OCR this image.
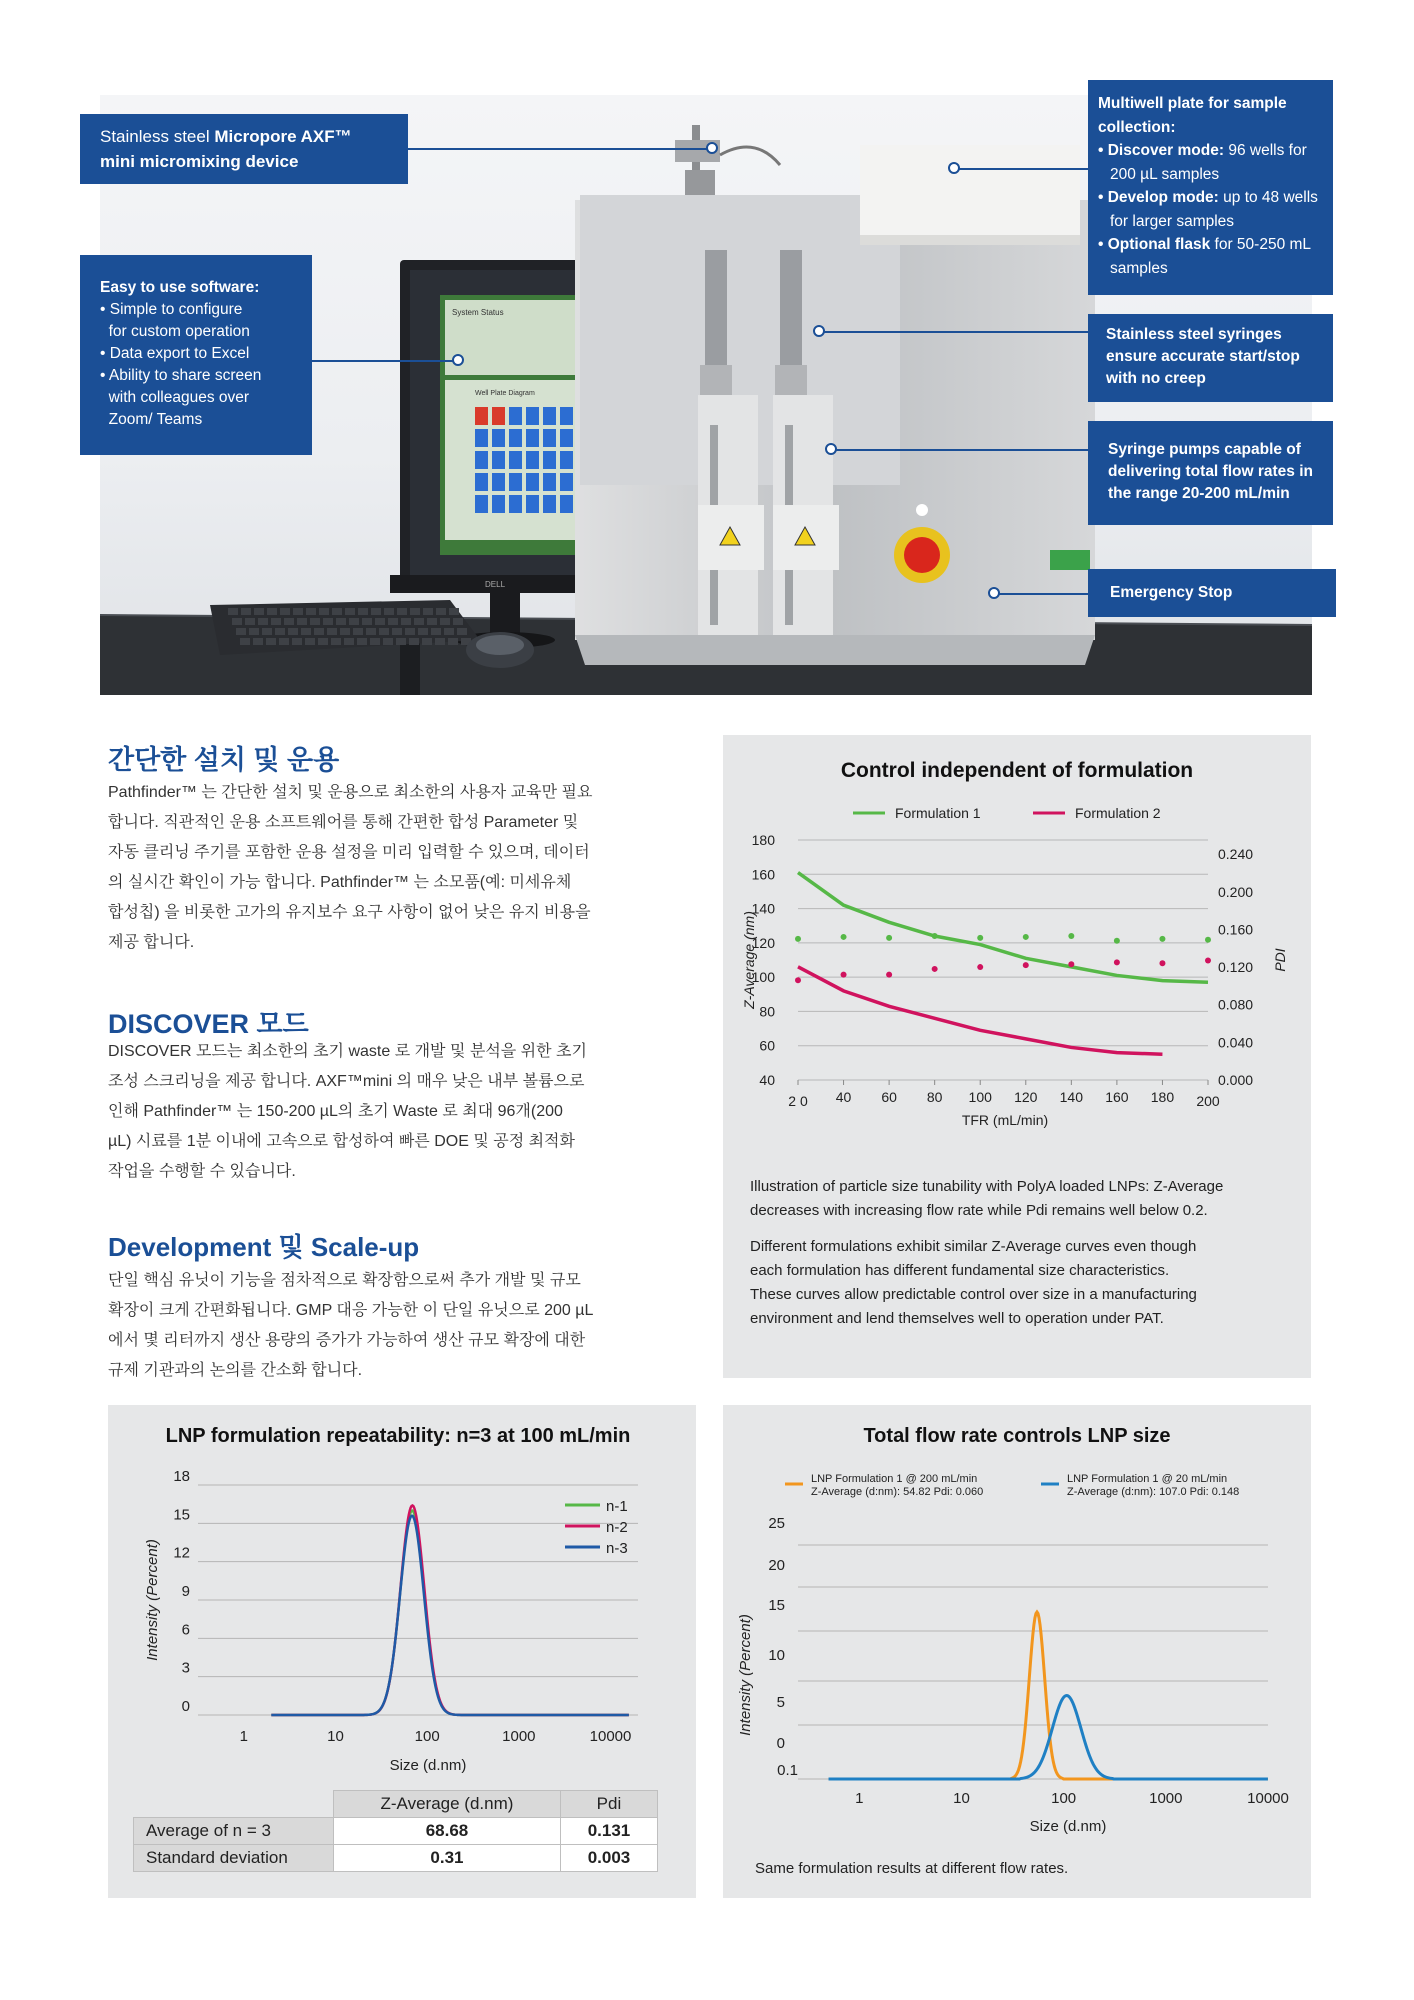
System Status
Well Plate Diagram
DELL
Stainless steel Micropore AXF™
mini micromixing device
Easy to use software:
• Simple to configure
for custom operation
• Data export to Excel
• Ability to share screen
with colleagues over
Zoom/ Teams
Multiwell plate for sample
collection:
• Discover mode: 96 wells for
200 µL samples
• Develop mode: up to 48 wells
for larger samples
• Optional flask for 50-250 mL
samples
Stainless steel syringes
ensure accurate start/stop
with no creep
Syringe pumps capable of
delivering total flow rates in
the range 20-200 mL/min
Emergency Stop
간단한 설치 및 운용
Pathfinder™ 는 간단한 설치 및 운용으로 최소한의 사용자 교육만 필요
합니다. 직관적인 운용 소프트웨어를 통해 간편한 합성 Parameter 및
자동 클리닝 주기를 포함한 운용 설정을 미리 입력할 수 있으며, 데이터
의 실시간 확인이 가능 합니다. Pathfinder™ 는 소모품(예: 미세유체
합성칩) 을 비롯한 고가의 유지보수 요구 사항이 없어 낮은 유지 비용을
제공 합니다.
DISCOVER 모드
DISCOVER 모드는 최소한의 초기 waste 로 개발 및 분석을 위한 초기
조성 스크리닝을 제공 합니다. AXF™mini 의 매우 낮은 내부 볼륨으로
인해 Pathfinder™ 는 150-200 µL의 초기 Waste 로 최대 96개(200
µL) 시료를 1분 이내에 고속으로 합성하여 빠른 DOE 및 공정 최적화
작업을 수행할 수 있습니다.
Development 및 Scale-up
단일 핵심 유닛이 기능을 점차적으로 확장함으로써 추가 개발 및 규모
확장이 크게 간편화됩니다. GMP 대응 가능한 이 단일 유닛으로 200 µL
에서 몇 리터까지 생산 용량의 증가가 가능하여 생산 규모 확장에 대한
규제 기관과의 논의를 간소화 합니다.
Control independent of formulation
Formulation 1	Formulation 2
180
160
140
120
100
80
60
40
0.240
0.200
0.160
0.120
0.080
0.040
0.000
2 0 40 60 80 100 120 140 160 180 200
TFR (mL/min)
Z-Average (nm)	PDI
Illustration of particle size tunability with PolyA loaded LNPs: Z-Average
decreases with increasing flow rate while Pdi remains well below 0.2.
Different formulations exhibit similar Z-Average curves even though
each formulation has different fundamental size characteristics.
These curves allow predictable control over size in a manufacturing
environment and lend themselves well to operation under PAT.
LNP formulation repeatability: n=3 at 100 mL/min
18
15
12
9
6
3
0
1	10	100	1000	10000
Size (d.nm)
Intensity (Percent)
n-1
n-2
n-3
	Z-Average (d.nm)	Pdi
Average of n = 3	68.68	0.131
Standard deviation	0.31	0.003
Total flow rate controls LNP size
LNP Formulation 1 @ 200 mL/min
Z-Average (d:nm): 54.82 Pdi: 0.060
LNP Formulation 1 @ 20 mL/min
Z-Average (d:nm): 107.0 Pdi: 0.148
25
20
15
10
5
0
0.1
1	10	100	1000	10000
Size (d.nm)
Intensity (Percent)
Same formulation results at different flow rates.
